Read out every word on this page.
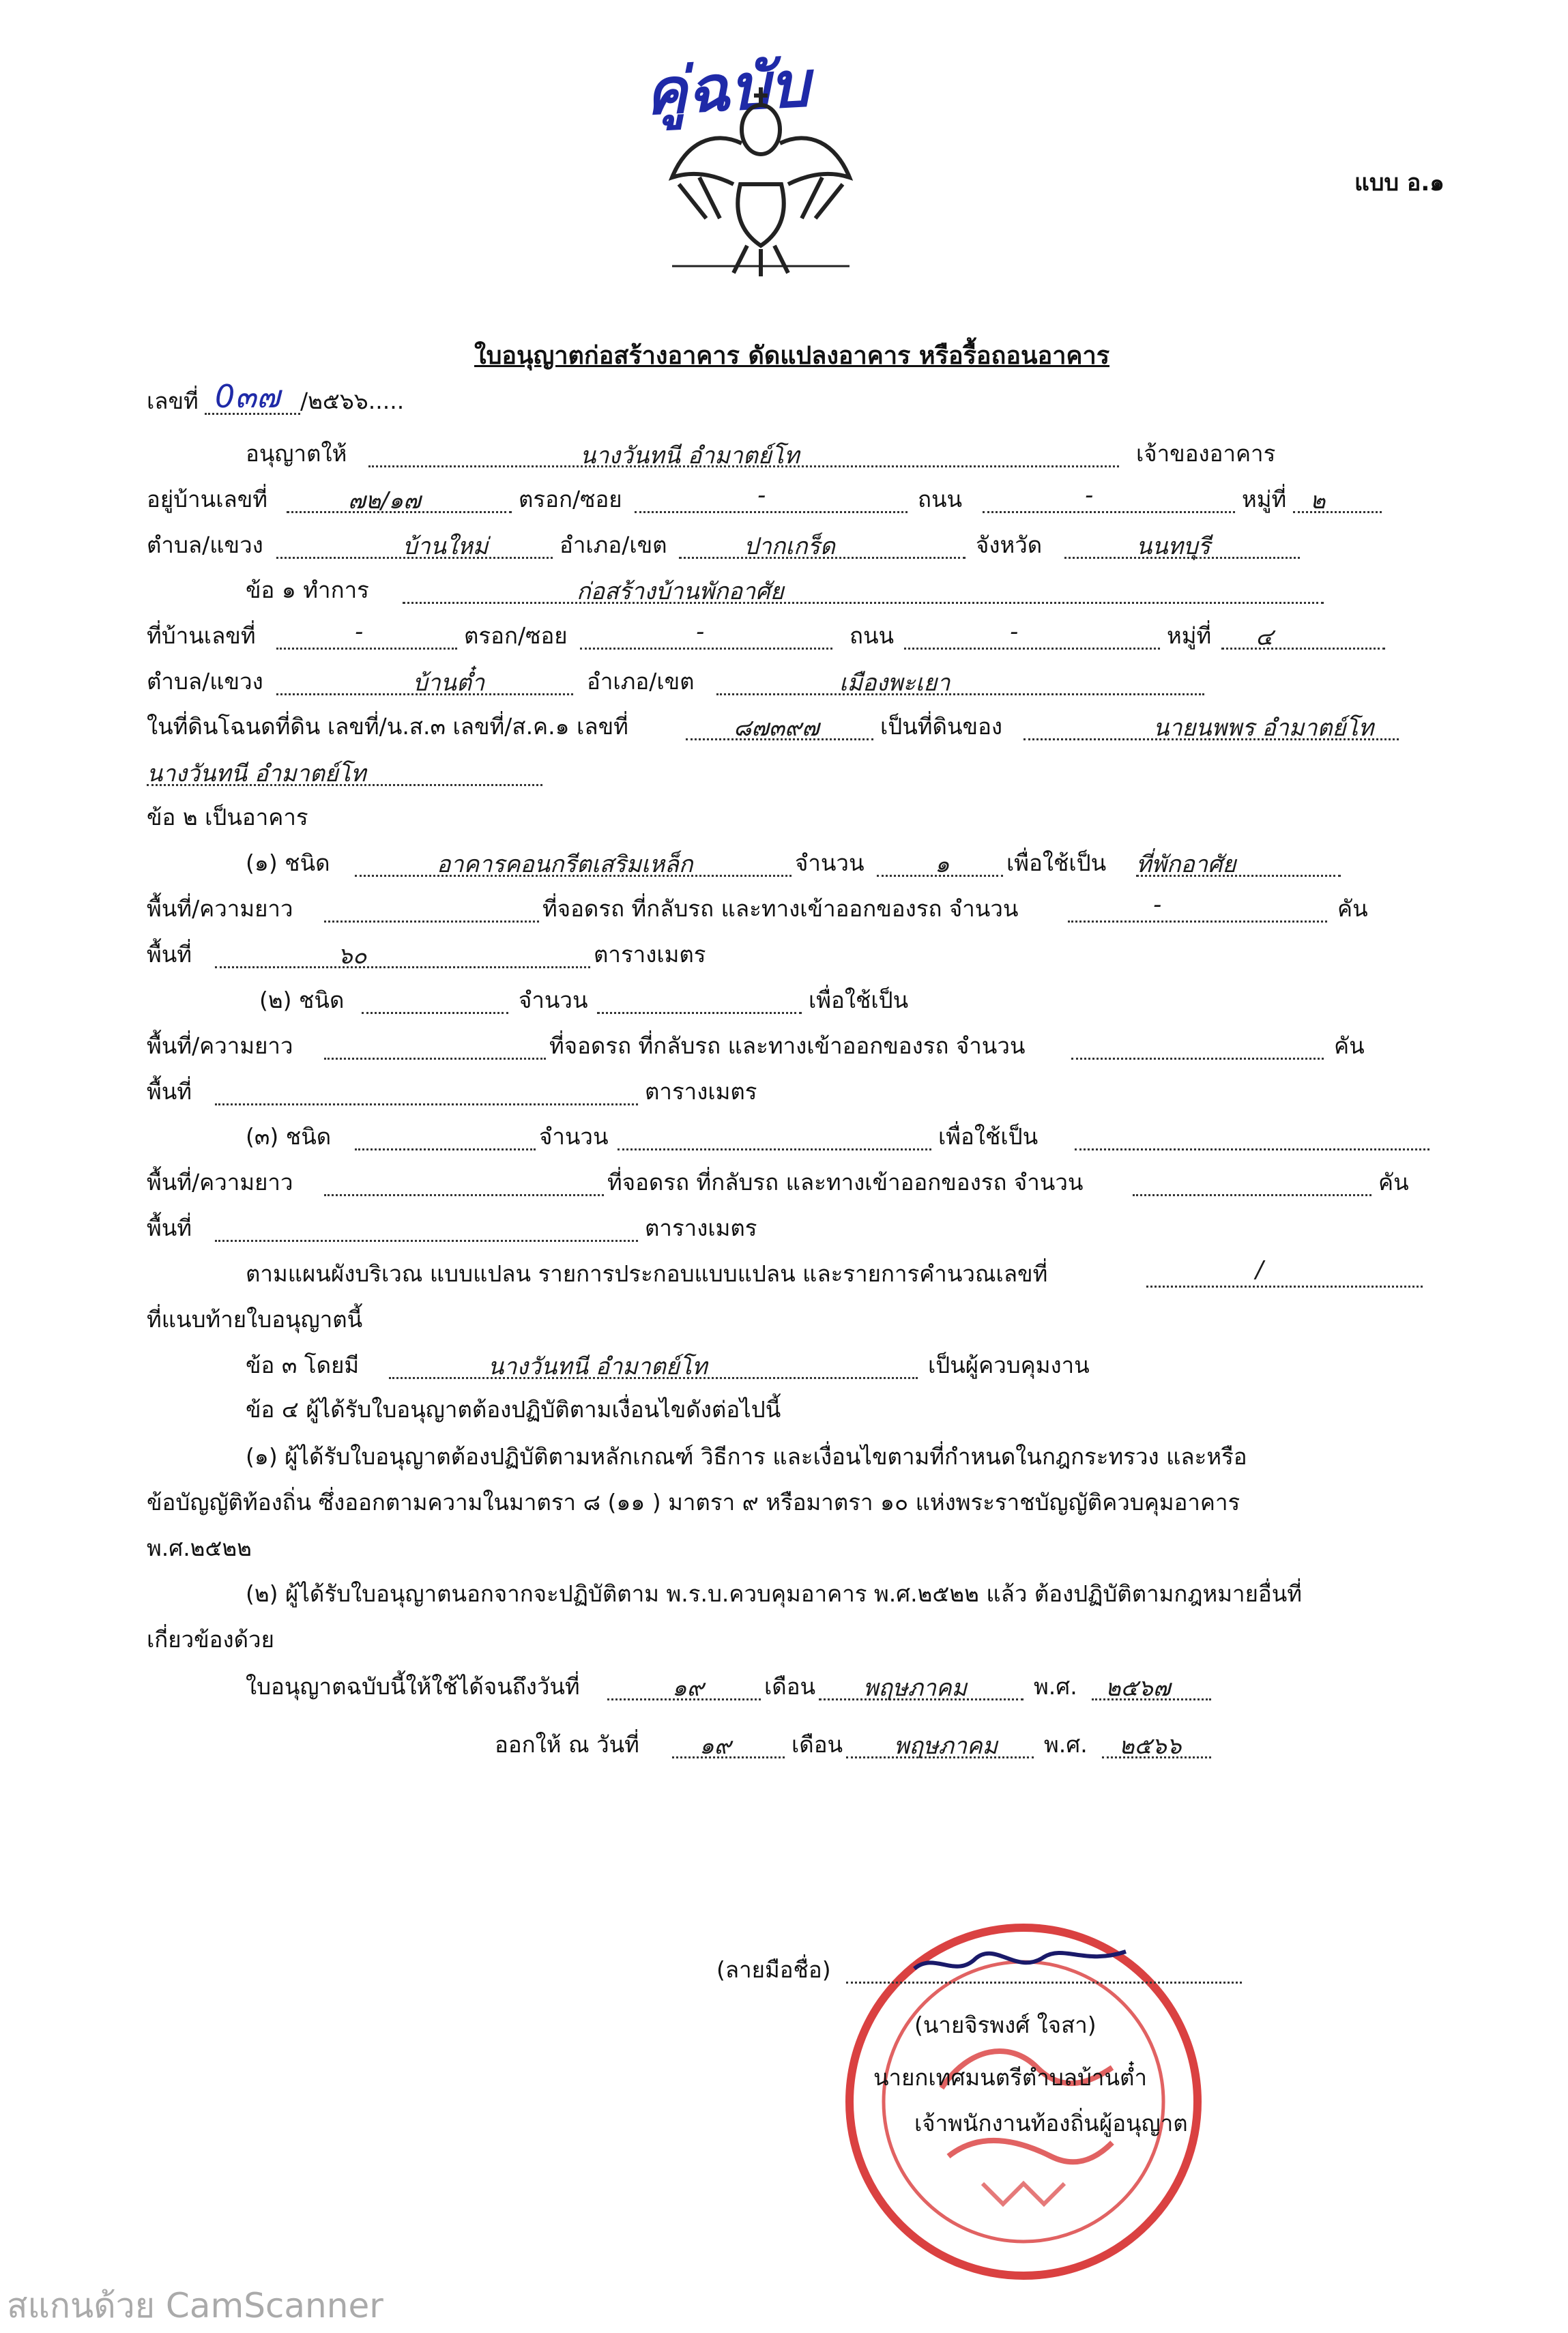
คู่ฉบับ
แบบ อ.๑
ใบอนุญาตก่อสร้างอาคาร ดัดแปลงอาคาร หรือรื้อถอนอาคาร
เลขที่ 0๓๗ /๒๕๖๖.....
อนุญาตให้	นางวันทนี อำมาตย์โท	เจ้าของอาคาร
อยู่บ้านเลขที่	๗๒/๑๗	ตรอก/ซอย	-	ถนน	-	หมู่ที่ ๒
ตำบล/แขวง	บ้านใหม่	อำเภอ/เขต	ปากเกร็ด	จังหวัด	นนทบุรี
ข้อ ๑ ทำการ	ก่อสร้างบ้านพักอาศัย
ที่บ้านเลขที่	-	ตรอก/ซอย	-	ถนน	-	หมู่ที่ ๔
ตำบล/แขวง	บ้านต๋ำ	อำเภอ/เขต	เมืองพะเยา
ในที่ดินโฉนดที่ดิน เลขที่/น.ส.๓ เลขที่/ส.ค.๑ เลขที่	๘๗๓๙๗	เป็นที่ดินของ	นายนพพร อำมาตย์โท
นางวันทนี อำมาตย์โท
ข้อ ๒ เป็นอาคาร
(๑) ชนิด	อาคารคอนกรีตเสริมเหล็ก	จำนวน	๑	เพื่อใช้เป็น ที่พักอาศัย
พื้นที่/ความยาว	ที่จอดรถ ที่กลับรถ และทางเข้าออกของรถ จำนวน	-	คัน
พื้นที่	๖๐	ตารางเมตร
(๒) ชนิด	จำนวน	เพื่อใช้เป็น
พื้นที่/ความยาว	ที่จอดรถ ที่กลับรถ และทางเข้าออกของรถ จำนวน	คัน
พื้นที่	ตารางเมตร
(๓) ชนิด	จำนวน	เพื่อใช้เป็น
พื้นที่/ความยาว	ที่จอดรถ ที่กลับรถ และทางเข้าออกของรถ จำนวน	คัน
พื้นที่	ตารางเมตร
ตามแผนผังบริเวณ แบบแปลน รายการประกอบแบบแปลน และรายการคำนวณเลขที่	/
ที่แนบท้ายใบอนุญาตนี้
ข้อ ๓ โดยมี	นางวันทนี อำมาตย์โท	เป็นผู้ควบคุมงาน
ข้อ ๔ ผู้ได้รับใบอนุญาตต้องปฏิบัติตามเงื่อนไขดังต่อไปนี้
(๑) ผู้ได้รับใบอนุญาตต้องปฏิบัติตามหลักเกณฑ์ วิธีการ และเงื่อนไขตามที่กำหนดในกฎกระทรวง และหรือ
ข้อบัญญัติท้องถิ่น ซึ่งออกตามความในมาตรา ๘ (๑๑ ) มาตรา ๙ หรือมาตรา ๑๐ แห่งพระราชบัญญัติควบคุมอาคาร
พ.ศ.๒๕๒๒
(๒) ผู้ได้รับใบอนุญาตนอกจากจะปฏิบัติตาม พ.ร.บ.ควบคุมอาคาร พ.ศ.๒๕๒๒ แล้ว ต้องปฏิบัติตามกฎหมายอื่นที่
เกี่ยวข้องด้วย
ใบอนุญาตฉบับนี้ให้ใช้ได้จนถึงวันที่	๑๙	เดือน พฤษภาคม	พ.ศ. ๒๕๖๗
ออกให้ ณ วันที่	๑๙	เดือน พฤษภาคม พ.ศ. ๒๕๖๖
(ลายมือชื่อ)
(นายจิรพงศ์ ใจสา)
นายกเทศมนตรีตำบลบ้านต๋ำ
เจ้าพนักงานท้องถิ่นผู้อนุญาต
สแกนด้วย CamScanner
